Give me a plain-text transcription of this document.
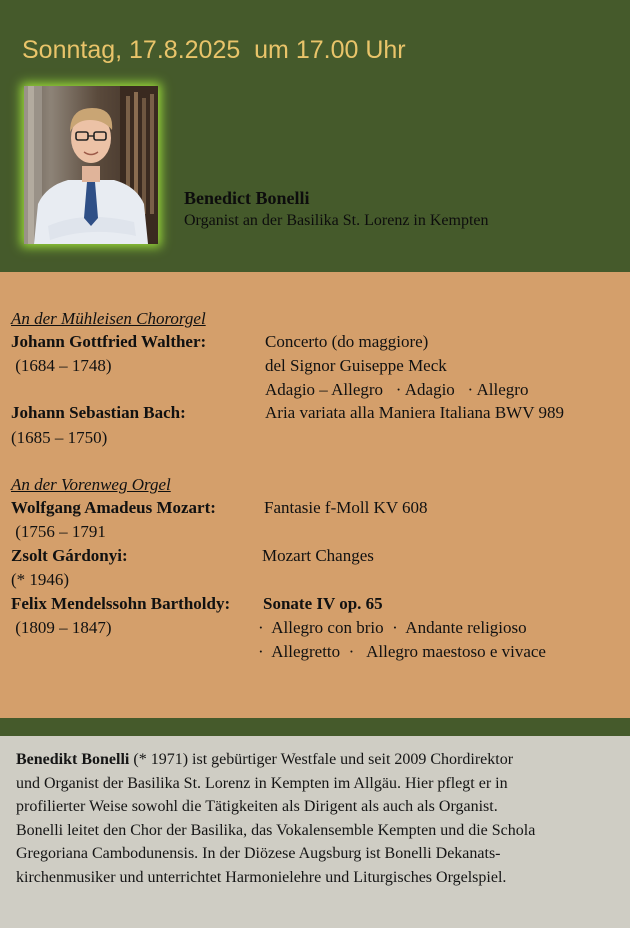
Sonntag, 17.8.2025  um 17.00 Uhr
Benedict Bonelli
Organist an der Basilika St. Lorenz in Kempten
An der Mühleisen Chororgel
Johann Gottfried Walther:	Concerto (do maggiore)
(1684 – 1748)	del Signor Guiseppe Meck
Adagio – Allegro   · Adagio   · Allegro
Johann Sebastian Bach:	Aria variata alla Maniera Italiana BWV 989
(1685 – 1750)
An der Vorenweg Orgel
Wolfgang Amadeus Mozart:	Fantasie f-Moll KV 608
(1756 – 1791
Zsolt Gárdonyi:	Mozart Changes
(* 1946)
Felix Mendelssohn Bartholdy: Sonate IV op. 65
(1809 – 1847)	·  Allegro con brio  ·  Andante religioso
·  Allegretto  ·   Allegro maestoso e vivace
Benedikt Bonelli (* 1971) ist gebürtiger Westfale und seit 2009 Chordirektor
und Organist der Basilika St. Lorenz in Kempten im Allgäu. Hier pflegt er in
profilierter Weise sowohl die Tätigkeiten als Dirigent als auch als Organist.
Bonelli leitet den Chor der Basilika, das Vokalensemble Kempten und die Schola
Gregoriana Cambodunensis. In der Diözese Augsburg ist Bonelli Dekanats-
kirchenmusiker und unterrichtet Harmonielehre und Liturgisches Orgelspiel.
